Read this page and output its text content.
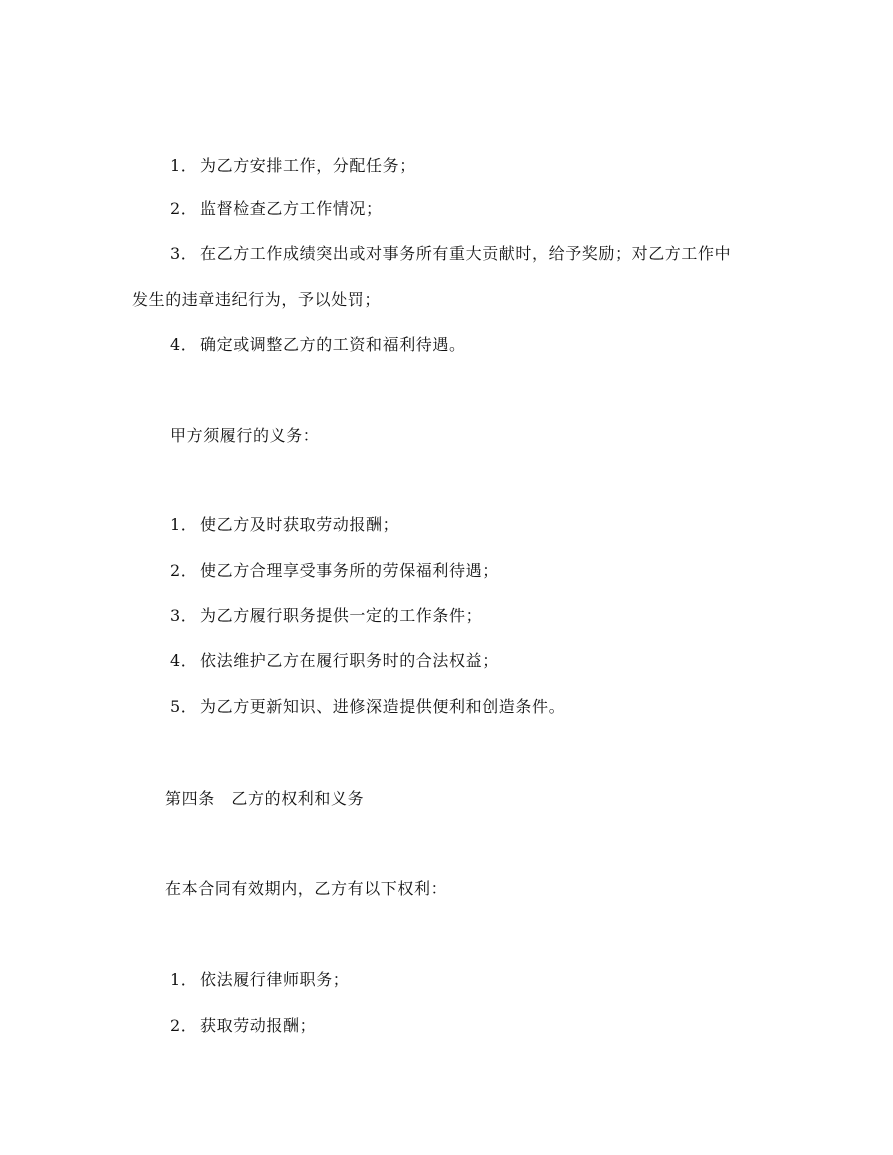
1． 为乙方安排工作，分配任务；
2． 监督检查乙方工作情况；
3． 在乙方工作成绩突出或对事务所有重大贡献时，给予奖励；对乙方工作中
发生的违章违纪行为，予以处罚；
4． 确定或调整乙方的工资和福利待遇。
甲方须履行的义务：
1． 使乙方及时获取劳动报酬；
2． 使乙方合理享受事务所的劳保福利待遇；
3． 为乙方履行职务提供一定的工作条件；
4． 依法维护乙方在履行职务时的合法权益；
5． 为乙方更新知识、进修深造提供便利和创造条件。
第四条　乙方的权利和义务
在本合同有效期内，乙方有以下权利：
1． 依法履行律师职务；
2． 获取劳动报酬；
